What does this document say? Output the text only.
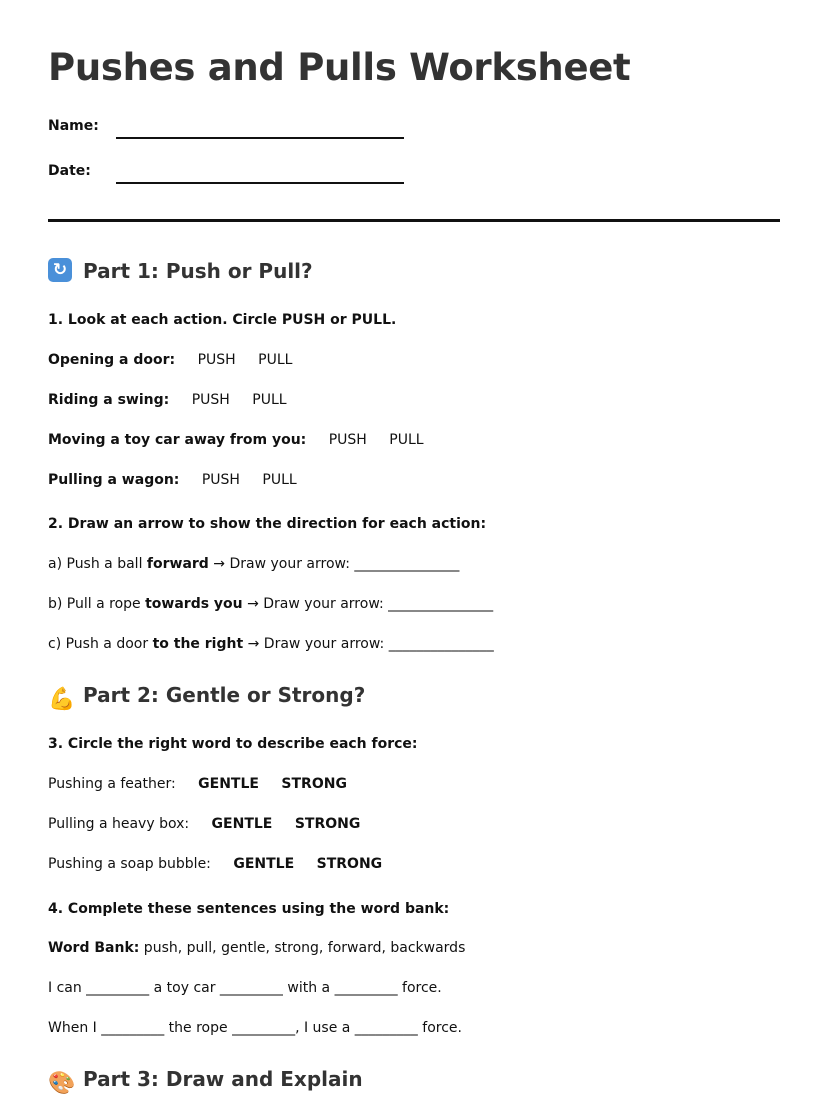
Pushes and Pulls Worksheet
Name:
Date:
↻ Part 1: Push or Pull?
1. Look at each action. Circle PUSH or PULL.
Opening a door: PUSH PULL
Riding a swing: PUSH PULL
Moving a toy car away from you: PUSH PULL
Pulling a wagon: PUSH PULL
2. Draw an arrow to show the direction for each action:
a) Push a ball forward → Draw your arrow: _______________
b) Pull a rope towards you → Draw your arrow: _______________
c) Push a door to the right → Draw your arrow: _______________
💪 Part 2: Gentle or Strong?
3. Circle the right word to describe each force:
Pushing a feather: GENTLE STRONG
Pulling a heavy box: GENTLE STRONG
Pushing a soap bubble: GENTLE STRONG
4. Complete these sentences using the word bank:
Word Bank: push, pull, gentle, strong, forward, backwards
I can _________ a toy car _________ with a _________ force.
When I _________ the rope _________, I use a _________ force.
🎨 Part 3: Draw and Explain
